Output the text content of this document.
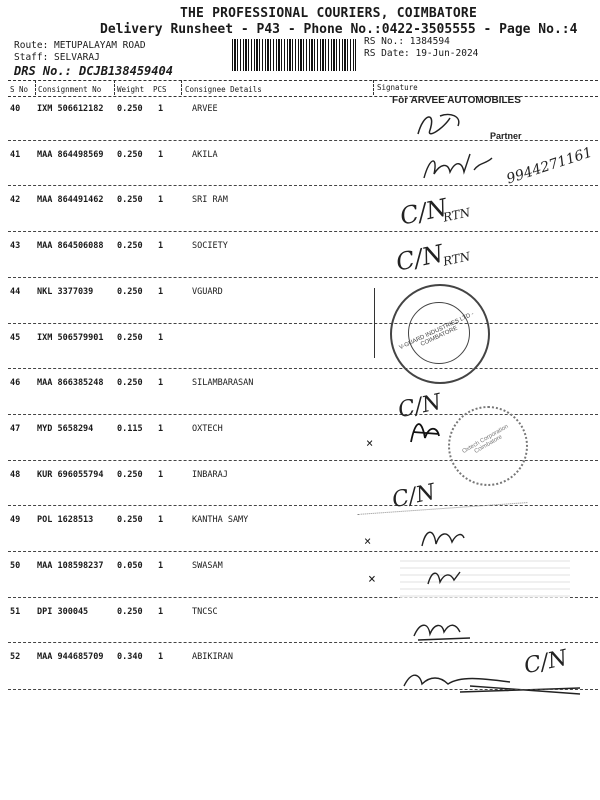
THE PROFESSIONAL COURIERS, COIMBATORE
Delivery Runsheet - P43 - Phone No.:0422-3505555 - Page No.:4
Route: METUPALAYAM ROAD
Staff: SELVARAJ
DRS No.: DCJB138459404
RS No.: 1384594
RS Date: 19-Jun-2024
S No Consignment No Weight PCS Consignee Details	Signature
40 IXM 506612182 0.250 1	ARVEE
41 MAA 864498569 0.250 1	AKILA
42 MAA 864491462 0.250 1	SRI RAM
43 MAA 864506088 0.250 1	SOCIETY
44 NKL 3377039	0.250 1	VGUARD
45 IXM 506579901 0.250 1
46 MAA 866385248 0.250 1	SILAMBARASAN
47 MYD 5658294	0.115 1	OXTECH
48 KUR 696055794 0.250 1	INBARAJ
49 POL 1628513	0.250 1	KANTHA SAMY
50 MAA 108598237 0.050 1	SWASAM
51 DPI 300045	0.250 1	TNCSC
52 MAA 944685709 0.340 1	ABIKIRAN
For ARVEE AUTOMOBILES
Partner
9944271161
C/N
RTN
C/N
RTN
V-GUARD INDUSTRIES LTD - COIMBATORE
C/N
×	Oxtech Corporation Coimbatore
C/N
×
×
C/N
